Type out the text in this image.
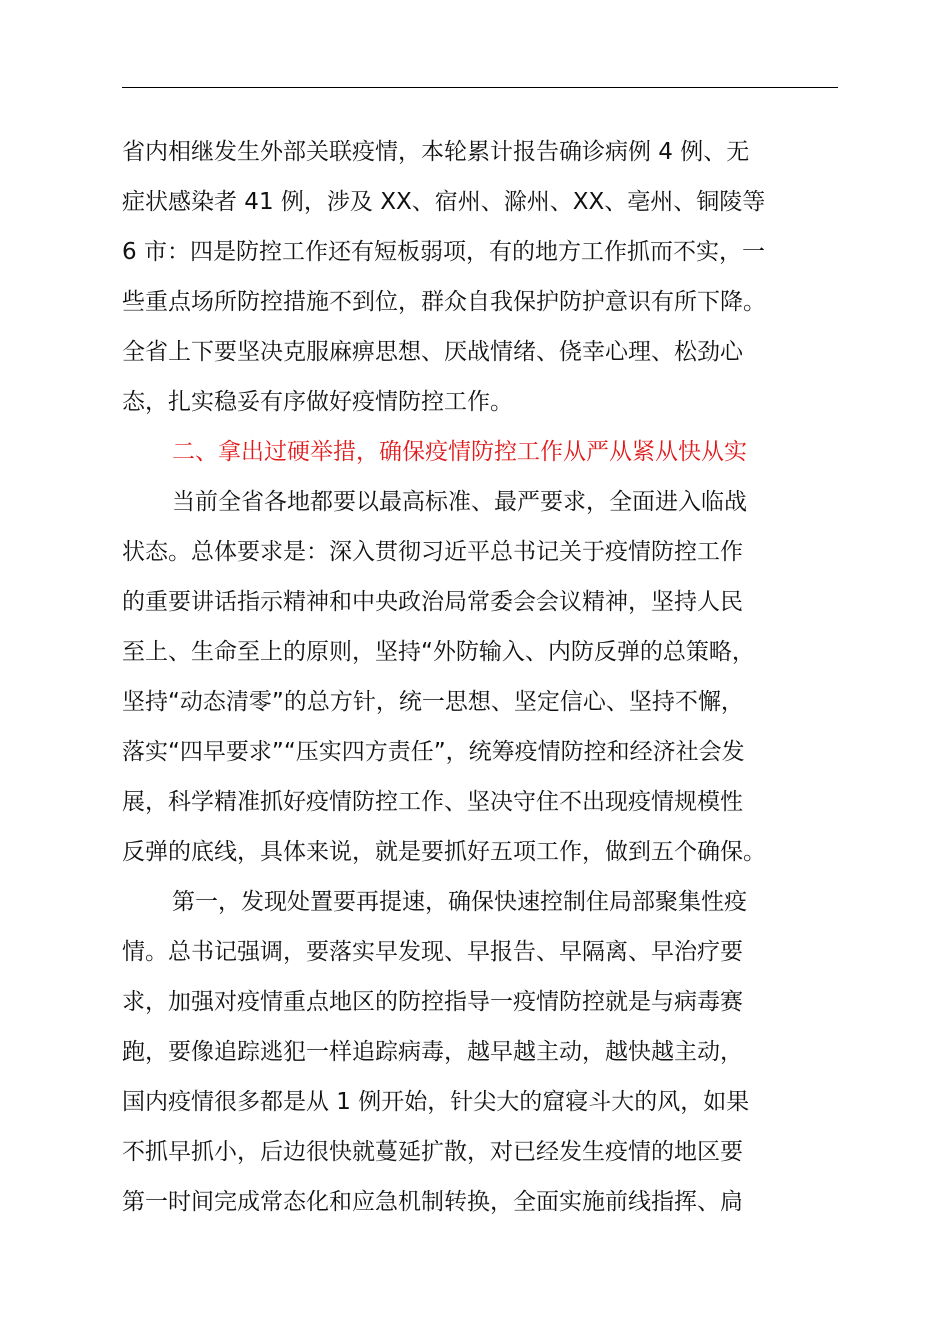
省内相继发生外部关联疫情，本轮累计报告确诊病例 4 例、无
症状感染者 41 例，涉及 XX、宿州、滁州、XX、亳州、铜陵等
6 市：四是防控工作还有短板弱项，有的地方工作抓而不实，一
些重点场所防控措施不到位，群众自我保护防护意识有所下降。
全省上下要坚决克服麻痹思想、厌战情绪、侥幸心理、松劲心
态，扎实稳妥有序做好疫情防控工作。
二、拿出过硬举措，确保疫情防控工作从严从紧从快从实
当前全省各地都要以最高标准、最严要求，全面进入临战
状态。总体要求是：深入贯彻习近平总书记关于疫情防控工作
的重要讲话指示精神和中央政治局常委会会议精神，坚持人民
至上、生命至上的原则，坚持“外防输入、内防反弹的总策略，
坚持“动态清零”的总方针，统一思想、坚定信心、坚持不懈，
落实“四早要求”“压实四方责任”，统筹疫情防控和经济社会发
展，科学精准抓好疫情防控工作、坚决守住不出现疫情规模性
反弹的底线，具体来说，就是要抓好五项工作，做到五个确保。
第一，发现处置要再提速，确保快速控制住局部聚集性疫
情。总书记强调，要落实早发现、早报告、早隔离、早治疗要
求，加强对疫情重点地区的防控指导一疫情防控就是与病毒赛
跑，要像追踪逃犯一样追踪病毒，越早越主动，越快越主动，
国内疫情很多都是从 1 例开始，针尖大的窟寝斗大的风，如果
不抓早抓小，后边很快就蔓延扩散，对已经发生疫情的地区要
第一时间完成常态化和应急机制转换，全面实施前线指挥、扃
